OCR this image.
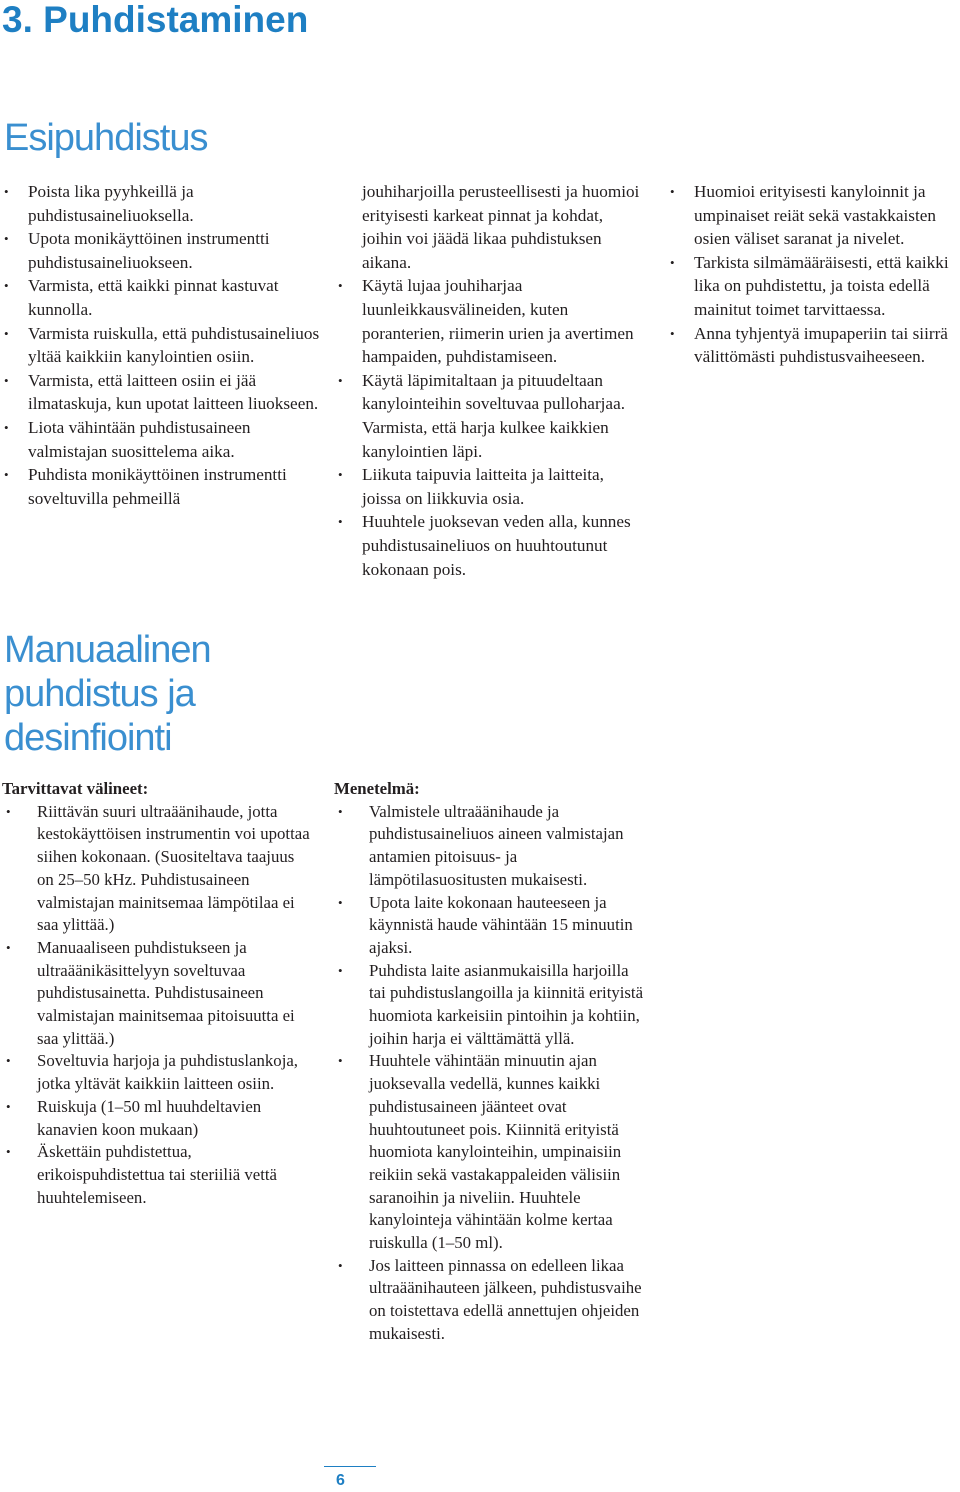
3. Puhdistaminen
Esipuhdistus
• Poista lika pyyhkeillä ja puhdistusaineliuoksella.
• Upota monikäyttöinen instrumentti puhdistusaineliuokseen.
• Varmista, että kaikki pinnat kastuvat kunnolla.
• Varmista ruiskulla, että puhdistusaineliuos yltää kaikkiin kanylointien osiin.
• Varmista, että laitteen osiin ei jää ilmataskuja, kun upotat laitteen liuokseen.
• Liota vähintään puhdistusaineen valmistajan suosittelema aika.
• Puhdista monikäyttöinen instrumentti soveltuvilla pehmeillä
jouhiharjoilla perusteellisesti ja huomioi erityisesti karkeat pinnat ja kohdat, joihin voi jäädä likaa puhdistuksen aikana.
• Käytä lujaa jouhiharjaa luunleikkausvälineiden, kuten poranterien, riimerin urien ja avertimen hampaiden, puhdistamiseen.
• Käytä läpimitaltaan ja pituudeltaan kanylointeihin soveltuvaa pulloharjaa. Varmista, että harja kulkee kaikkien kanylointien läpi.
• Liikuta taipuvia laitteita ja laitteita, joissa on liikkuvia osia.
• Huuhtele juoksevan veden alla, kunnes puhdistusaineliuos on huuhtoutunut kokonaan pois.
• Huomioi erityisesti kanyloinnit ja umpinaiset reiät sekä vastakkaisten osien väliset saranat ja nivelet.
• Tarkista silmämääräisesti, että kaikki lika on puhdistettu, ja toista edellä mainitut toimet tarvittaessa.
• Anna tyhjentyä imupaperiin tai siirrä välittömästi puhdistusvaiheeseen.
Manuaalinen puhdistus ja desinfiointi

Tarvittavat välineet:

• Riittävän suuri ultraäänihaude, jotta kestokäyttöisen instrumentin voi upottaa siihen kokonaan. (Suositeltava taajuus on 25–50 kHz. Puhdistusaineen valmistajan mainitsemaa lämpötilaa ei saa ylittää.)
• Manuaaliseen puhdistukseen ja ultraäänikäsittelyyn soveltuvaa puhdistusainetta. Puhdistusaineen valmistajan mainitsemaa pitoisuutta ei saa ylittää.)
• Soveltuvia harjoja ja puhdistuslankoja, jotka yltävät kaikkiin laitteen osiin.
• Ruiskuja (1–50 ml huuhdeltavien kanavien koon mukaan)
• Äskettäin puhdistettua, erikoispuhdistettua tai steriiliä vettä huuhtelemiseen.

Menetelmä:

• Valmistele ultraäänihaude ja puhdistusaineliuos aineen valmistajan antamien pitoisuus- ja lämpötilasuositusten mukaisesti.
• Upota laite kokonaan hauteeseen ja käynnistä haude vähintään 15 minuutin ajaksi.
• Puhdista laite asianmukaisilla harjoilla tai puhdistuslangoilla ja kiinnitä erityistä huomiota karkeisiin pintoihin ja kohtiin, joihin harja ei välttämättä yllä.
• Huuhtele vähintään minuutin ajan juoksevalla vedellä, kunnes kaikki puhdistusaineen jäänteet ovat huuhtoutuneet pois. Kiinnitä erityistä huomiota kanylointeihin, umpinaisiin reikiin sekä vastakappaleiden välisiin saranoihin ja niveliin. Huuhtele kanylointeja vähintään kolme kertaa ruiskulla (1–50 ml).
• Jos laitteen pinnassa on edelleen likaa ultraäänihauteen jälkeen, puhdistusvaihe on toistettava edellä annettujen ohjeiden mukaisesti.
6
